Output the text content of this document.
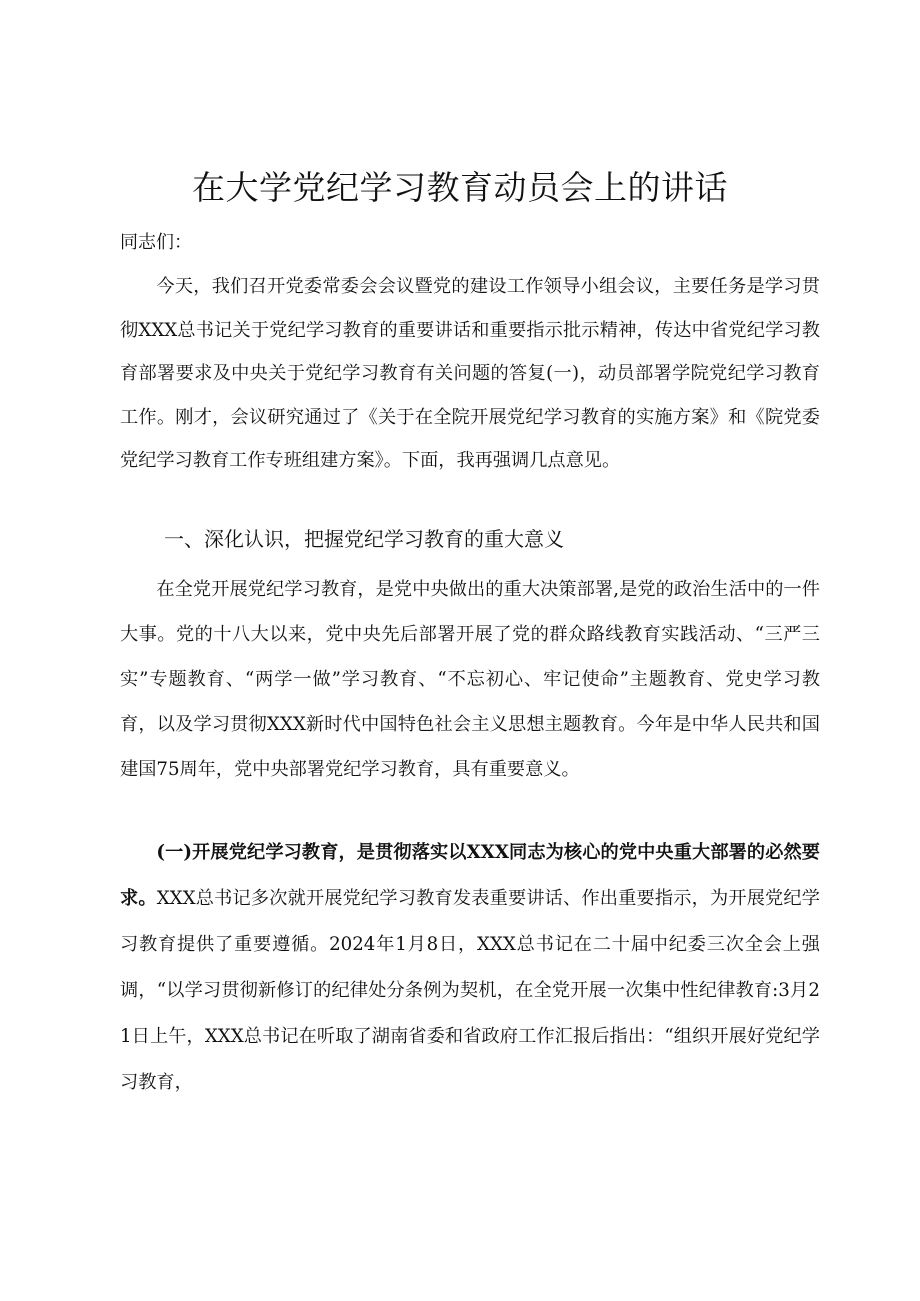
在大学党纪学习教育动员会上的讲话

同志们：

今天，我们召开党委常委会会议暨党的建设工作领导小组会议，主要任务是学习贯彻XXX总书记关于党纪学习教育的重要讲话和重要指示批示精神，传达中省党纪学习教育部署要求及中央关于党纪学习教育有关问题的答复(一)，动员部署学院党纪学习教育工作。刚才，会议研究通过了《关于在全院开展党纪学习教育的实施方案》和《院党委党纪学习教育工作专班组建方案》。下面，我再强调几点意见。

一、深化认识，把握党纪学习教育的重大意义

在全党开展党纪学习教育，是党中央做出的重大决策部署,是党的政治生活中的一件大事。党的十八大以来，党中央先后部署开展了党的群众路线教育实践活动、“三严三实”专题教育、“两学一做”学习教育、“不忘初心、牢记使命”主题教育、党史学习教育，以及学习贯彻XXX新时代中国特色社会主义思想主题教育。今年是中华人民共和国建国75周年，党中央部署党纪学习教育，具有重要意义。

(一)开展党纪学习教育，是贯彻落实以XXX同志为核心的党中央重大部署的必然要求。XXX总书记多次就开展党纪学习教育发表重要讲话、作出重要指示，为开展党纪学习教育提供了重要遵循。2024年1月8日，XXX总书记在二十届中纪委三次全会上强调，“以学习贯彻新修订的纪律处分条例为契机，在全党开展一次集中性纪律教育:3月21日上午，XXX总书记在听取了湖南省委和省政府工作汇报后指出：“组织开展好党纪学习教育，
